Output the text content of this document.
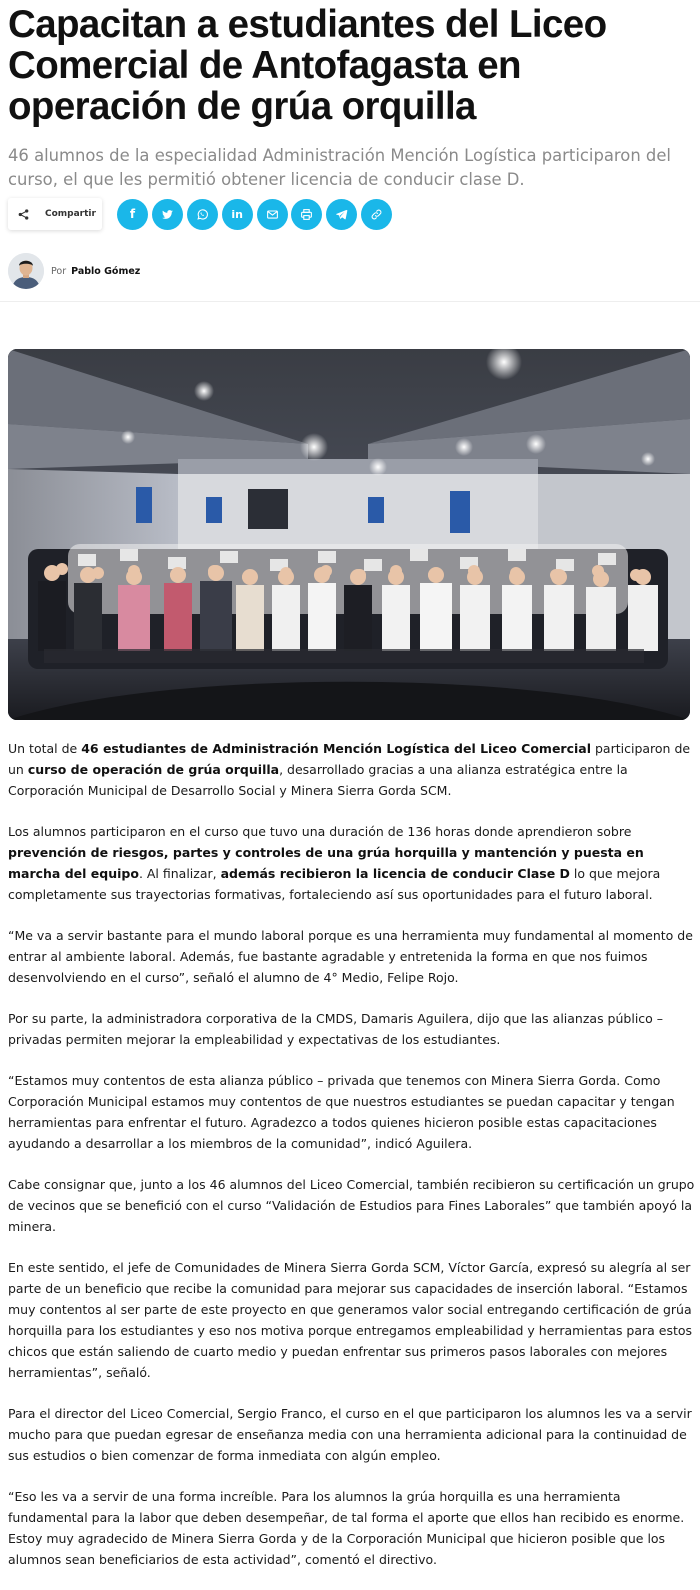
Capacitan a estudiantes del Liceo Comercial de Antofagasta en operación de grúa orquilla

46 alumnos de la especialidad Administración Mención Logística participaron del curso, el que les permitió obtener licencia de conducir clase D.

Compartir	f	in
Por Pablo Gómez

Un total de 46 estudiantes de Administración Mención Logística del Liceo Comercial participaron de un curso de operación de grúa orquilla, desarrollado gracias a una alianza estratégica entre la Corporación Municipal de Desarrollo Social y Minera Sierra Gorda SCM.

Los alumnos participaron en el curso que tuvo una duración de 136 horas donde aprendieron sobre prevención de riesgos, partes y controles de una grúa horquilla y mantención y puesta en marcha del equipo. Al finalizar, además recibieron la licencia de conducir Clase D lo que mejora completamente sus trayectorias formativas, fortaleciendo así sus oportunidades para el futuro laboral.

“Me va a servir bastante para el mundo laboral porque es una herramienta muy fundamental al momento de entrar al ambiente laboral. Además, fue bastante agradable y entretenida la forma en que nos fuimos desenvolviendo en el curso”, señaló el alumno de 4° Medio, Felipe Rojo.

Por su parte, la administradora corporativa de la CMDS, Damaris Aguilera, dijo que las alianzas público – privadas permiten mejorar la empleabilidad y expectativas de los estudiantes.

“Estamos muy contentos de esta alianza público – privada que tenemos con Minera Sierra Gorda. Como Corporación Municipal estamos muy contentos de que nuestros estudiantes se puedan capacitar y tengan herramientas para enfrentar el futuro. Agradezco a todos quienes hicieron posible estas capacitaciones ayudando a desarrollar a los miembros de la comunidad”, indicó Aguilera.

Cabe consignar que, junto a los 46 alumnos del Liceo Comercial, también recibieron su certificación un grupo de vecinos que se benefició con el curso “Validación de Estudios para Fines Laborales” que también apoyó la minera.

En este sentido, el jefe de Comunidades de Minera Sierra Gorda SCM, Víctor García, expresó su alegría al ser parte de un beneficio que recibe la comunidad para mejorar sus capacidades de inserción laboral. “Estamos muy contentos al ser parte de este proyecto en que generamos valor social entregando certificación de grúa horquilla para los estudiantes y eso nos motiva porque entregamos empleabilidad y herramientas para estos chicos que están saliendo de cuarto medio y puedan enfrentar sus primeros pasos laborales con mejores herramientas”, señaló.

Para el director del Liceo Comercial, Sergio Franco, el curso en el que participaron los alumnos les va a servir mucho para que puedan egresar de enseñanza media con una herramienta adicional para la continuidad de sus estudios o bien comenzar de forma inmediata con algún empleo.

“Eso les va a servir de una forma increíble. Para los alumnos la grúa horquilla es una herramienta fundamental para la labor que deben desempeñar, de tal forma el aporte que ellos han recibido es enorme. Estoy muy agradecido de Minera Sierra Gorda y de la Corporación Municipal que hicieron posible que los alumnos sean beneficiarios de esta actividad”, comentó el directivo.
